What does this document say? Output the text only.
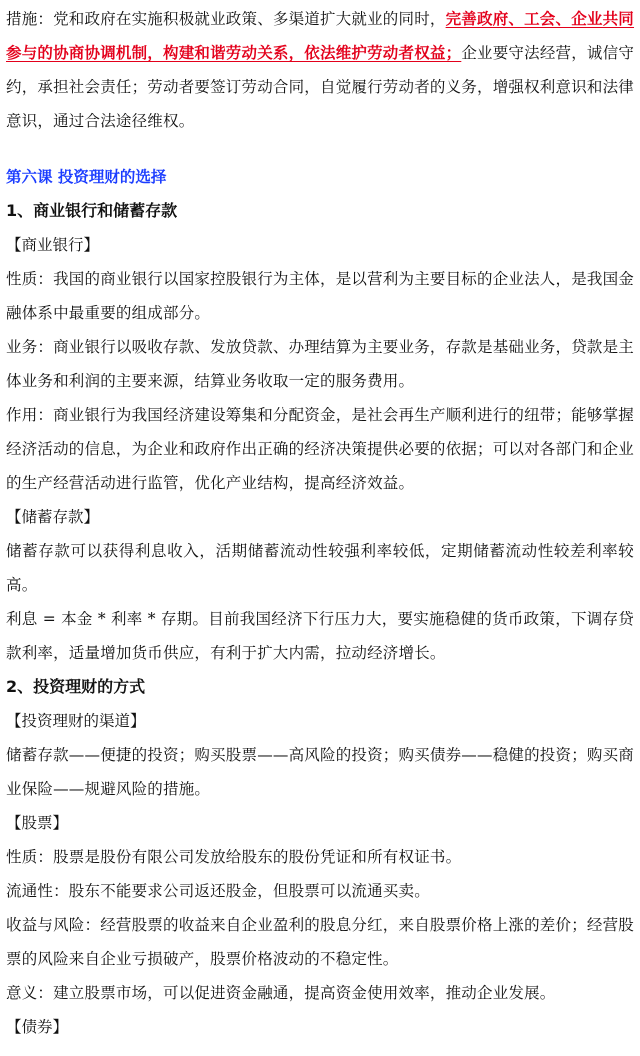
措施：党和政府在实施积极就业政策、多渠道扩大就业的同时，完善政府、工会、企业共同参与的协商协调机制，构建和谐劳动关系，依法维护劳动者权益；企业要守法经营，诚信守约，承担社会责任；劳动者要签订劳动合同，自觉履行劳动者的义务，增强权利意识和法律意识，通过合法途径维权。

第六课 投资理财的选择

1、商业银行和储蓄存款

【商业银行】

性质：我国的商业银行以国家控股银行为主体，是以营利为主要目标的企业法人，是我国金融体系中最重要的组成部分。

业务：商业银行以吸收存款、发放贷款、办理结算为主要业务，存款是基础业务，贷款是主体业务和利润的主要来源，结算业务收取一定的服务费用。

作用：商业银行为我国经济建设筹集和分配资金，是社会再生产顺利进行的纽带；能够掌握经济活动的信息，为企业和政府作出正确的经济决策提供必要的依据；可以对各部门和企业的生产经营活动进行监管，优化产业结构，提高经济效益。

【储蓄存款】

储蓄存款可以获得利息收入，活期储蓄流动性较强利率较低，定期储蓄流动性较差利率较高。

利息 = 本金 * 利率 * 存期。目前我国经济下行压力大，要实施稳健的货币政策，下调存贷款利率，适量增加货币供应，有利于扩大内需，拉动经济增长。

2、投资理财的方式

【投资理财的渠道】

储蓄存款——便捷的投资；购买股票——高风险的投资；购买债券——稳健的投资；购买商业保险——规避风险的措施。

【股票】

性质：股票是股份有限公司发放给股东的股份凭证和所有权证书。

流通性：股东不能要求公司返还股金，但股票可以流通买卖。

收益与风险：经营股票的收益来自企业盈利的股息分红，来自股票价格上涨的差价；经营股票的风险来自企业亏损破产，股票价格波动的不稳定性。

意义：建立股票市场，可以促进资金融通，提高资金使用效率，推动企业发展。

【债券】
